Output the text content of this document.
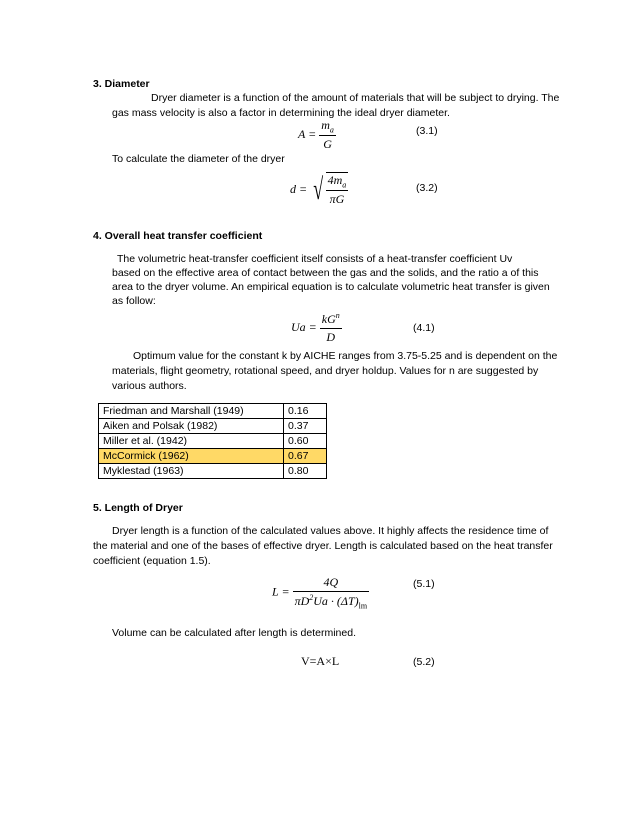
3. Diameter
Dryer diameter is a function of the amount of materials that will be subject to drying. The
gas mass velocity is also a factor in determining the ideal dryer diameter.
$A = \frac{m_a}{G}$	(3.1)
To calculate the diameter of the dryer
d = √ $\frac{4m_a}{\pi G}$	(3.2)
4. Overall heat transfer coefficient
The volumetric heat-transfer coefficient itself consists of a heat-transfer coefficient Uv
based on the effective area of contact between the gas and the solids, and the ratio a of this
area to the dryer volume. An empirical equation is to calculate volumetric heat transfer is given
as follow:
$Ua = \frac{kG^n}{D}$	(4.1)
Optimum value for the constant k by AICHE ranges from 3.75-5.25 and is dependent on the
materials, flight geometry, rotational speed, and dryer holdup. Values for n are suggested by
various authors.
Friedman and Marshall (1949)	0.16
Aiken and Polsak (1982)	0.37
Miller et al. (1942)	0.60
McCormick (1962)	0.67
Myklestad (1963)	0.80
5. Length of Dryer
Dryer length is a function of the calculated values above. It highly affects the residence time of
the material and one of the bases of effective dryer. Length is calculated based on the heat transfer
coefficient (equation 1.5).
$L = \frac{4Q}{\pi D^2Ua \cdot (\Delta T)_{lm}}$	(5.1)
Volume can be calculated after length is determined.
V=A×L	(5.2)
